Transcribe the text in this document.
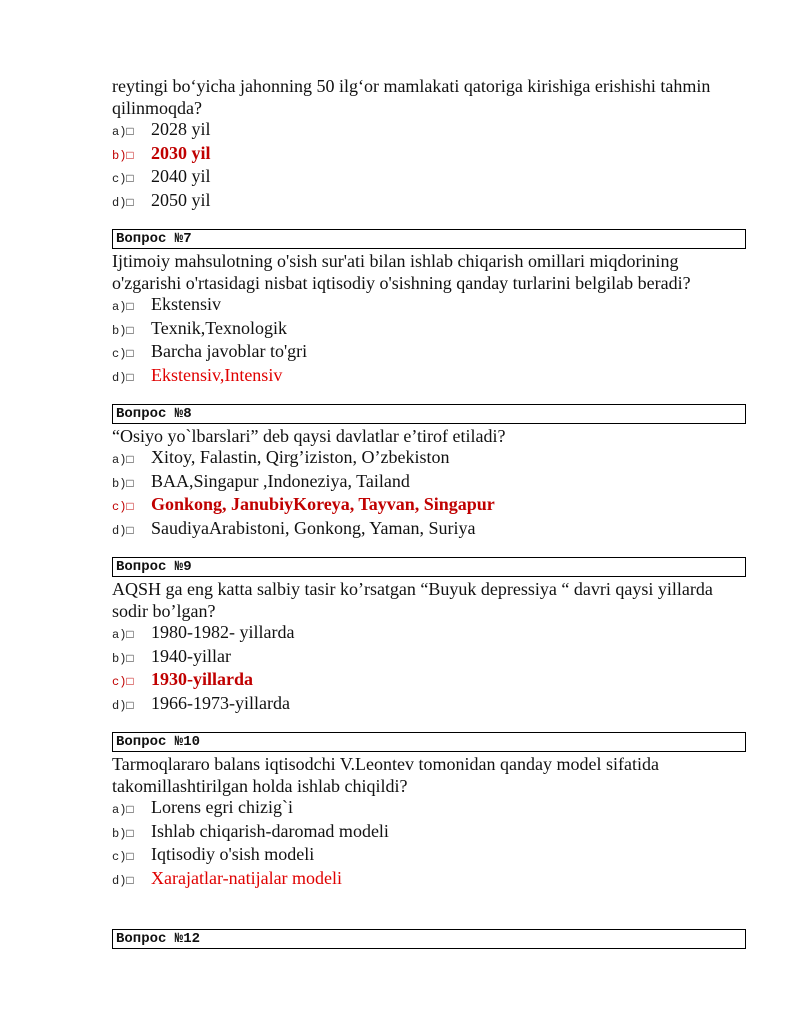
reytingi bo‘yicha jahonning 50 ilg‘or mamlakati qatoriga kirishiga erishishi tahmin qilinmoqda?

a)□ 2028 yil
b)□ 2030 yil
c)□ 2040 yil
d)□ 2050 yil
Вопрос №7

Ijtimoiy mahsulotning o'sish sur'ati bilan ishlab chiqarish omillari miqdorining o'zgarishi o'rtasidagi nisbat iqtisodiy o'sishning qanday turlarini belgilab beradi?

a)□ Ekstensiv
b)□ Texnik,Texnologik
c)□ Barcha javoblar to'gri
d)□ Ekstensiv,Intensiv
Вопрос №8

“Osiyo yo`lbarslari” deb qaysi davlatlar e’tirof etiladi?

a)□ Xitoy, Falastin, Qirg’iziston, O’zbekiston
b)□ BAA,Singapur ,Indoneziya, Tailand
c)□ Gonkong, JanubiyKoreya, Tayvan, Singapur
d)□ SaudiyaArabistoni, Gonkong, Yaman, Suriya
Вопрос №9

AQSH ga eng katta salbiy tasir ko’rsatgan “Buyuk depressiya “ davri qaysi yillarda sodir bo’lgan?

a)□ 1980-1982- yillarda
b)□ 1940-yillar
c)□ 1930-yillarda
d)□ 1966-1973-yillarda
Вопрос №10

Tarmoqlararo balans iqtisodchi V.Leontev tomonidan qanday model sifatida takomillashtirilgan holda ishlab chiqildi?

a)□ Lorens egri chizig`i
b)□ Ishlab chiqarish-daromad modeli
c)□ Iqtisodiy o'sish modeli
d)□ Xarajatlar-natijalar modeli
Вопрос №12
